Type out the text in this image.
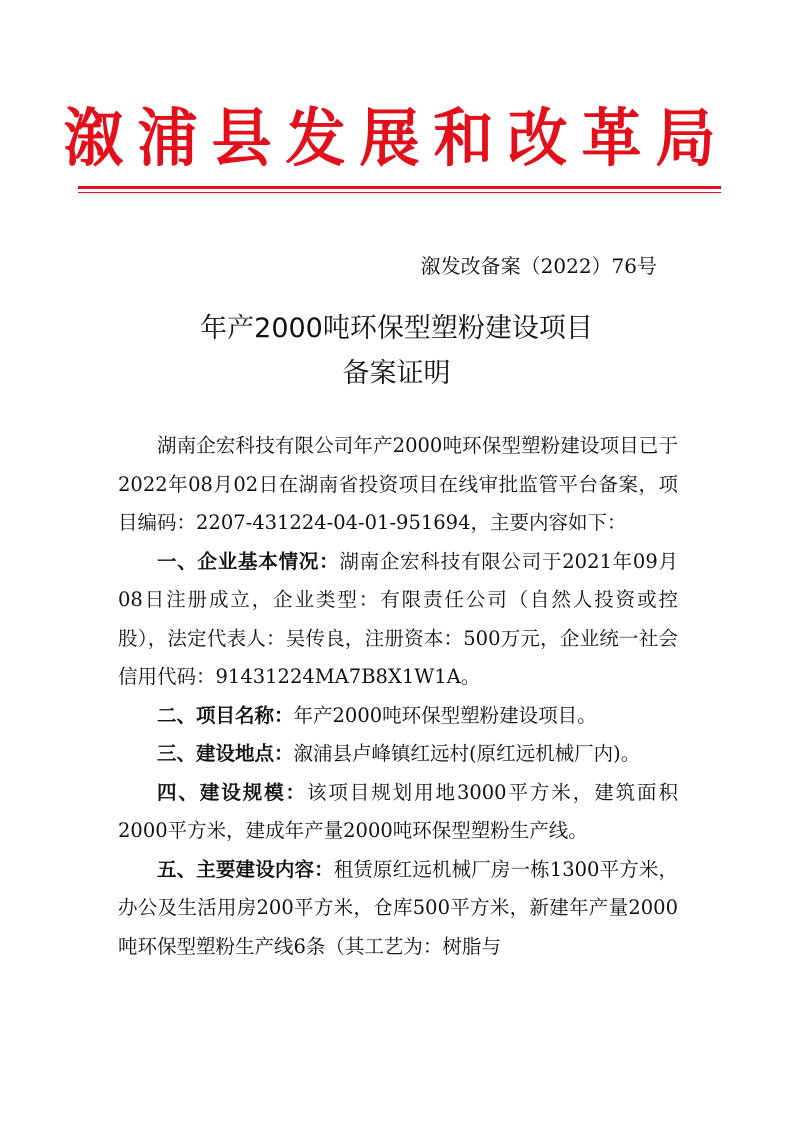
溆浦县发展和改革局
溆发改备案（2022）76号
年产2000吨环保型塑粉建设项目
备案证明

湖南企宏科技有限公司年产2000吨环保型塑粉建设项目已于2022年08月02日在湖南省投资项目在线审批监管平台备案，项目编码：2207-431224-04-01-951694，主要内容如下：

一、企业基本情况：湖南企宏科技有限公司于2021年09月08日注册成立，企业类型：有限责任公司（自然人投资或控股），法定代表人：吴传良，注册资本：500万元，企业统一社会信用代码：91431224MA7B8X1W1A。

二、项目名称：年产2000吨环保型塑粉建设项目。

三、建设地点：溆浦县卢峰镇红远村(原红远机械厂内)。

四、建设规模：该项目规划用地3000平方米，建筑面积2000平方米，建成年产量2000吨环保型塑粉生产线。

五、主要建设内容：租赁原红远机械厂房一栋1300平方米，办公及生活用房200平方米，仓库500平方米，新建年产量2000吨环保型塑粉生产线6条（其工艺为：树脂与
